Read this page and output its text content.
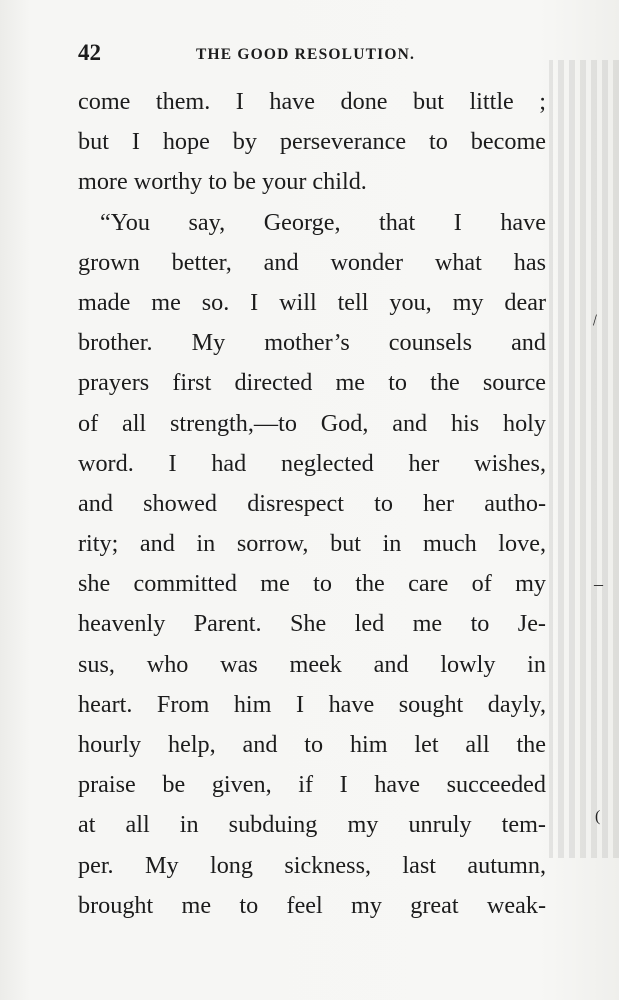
42	THE GOOD RESOLUTION.
come them. I have done but little ;
but I hope by perseverance to become
more worthy to be your child.
“You say, George, that I have
grown better, and wonder what has
made me so. I will tell you, my dear
brother. My mother’s counsels and
prayers first directed me to the source
of all strength,—to God, and his holy
word. I had neglected her wishes,
and showed disrespect to her autho-
rity; and in sorrow, but in much love,
she committed me to the care of my
heavenly Parent. She led me to Je-
sus, who was meek and lowly in
heart. From him I have sought dayly,
hourly help, and to him let all the
praise be given, if I have succeeded
at all in subduing my unruly tem-
per. My long sickness, last autumn,
brought me to feel my great weak-
\
–
(
